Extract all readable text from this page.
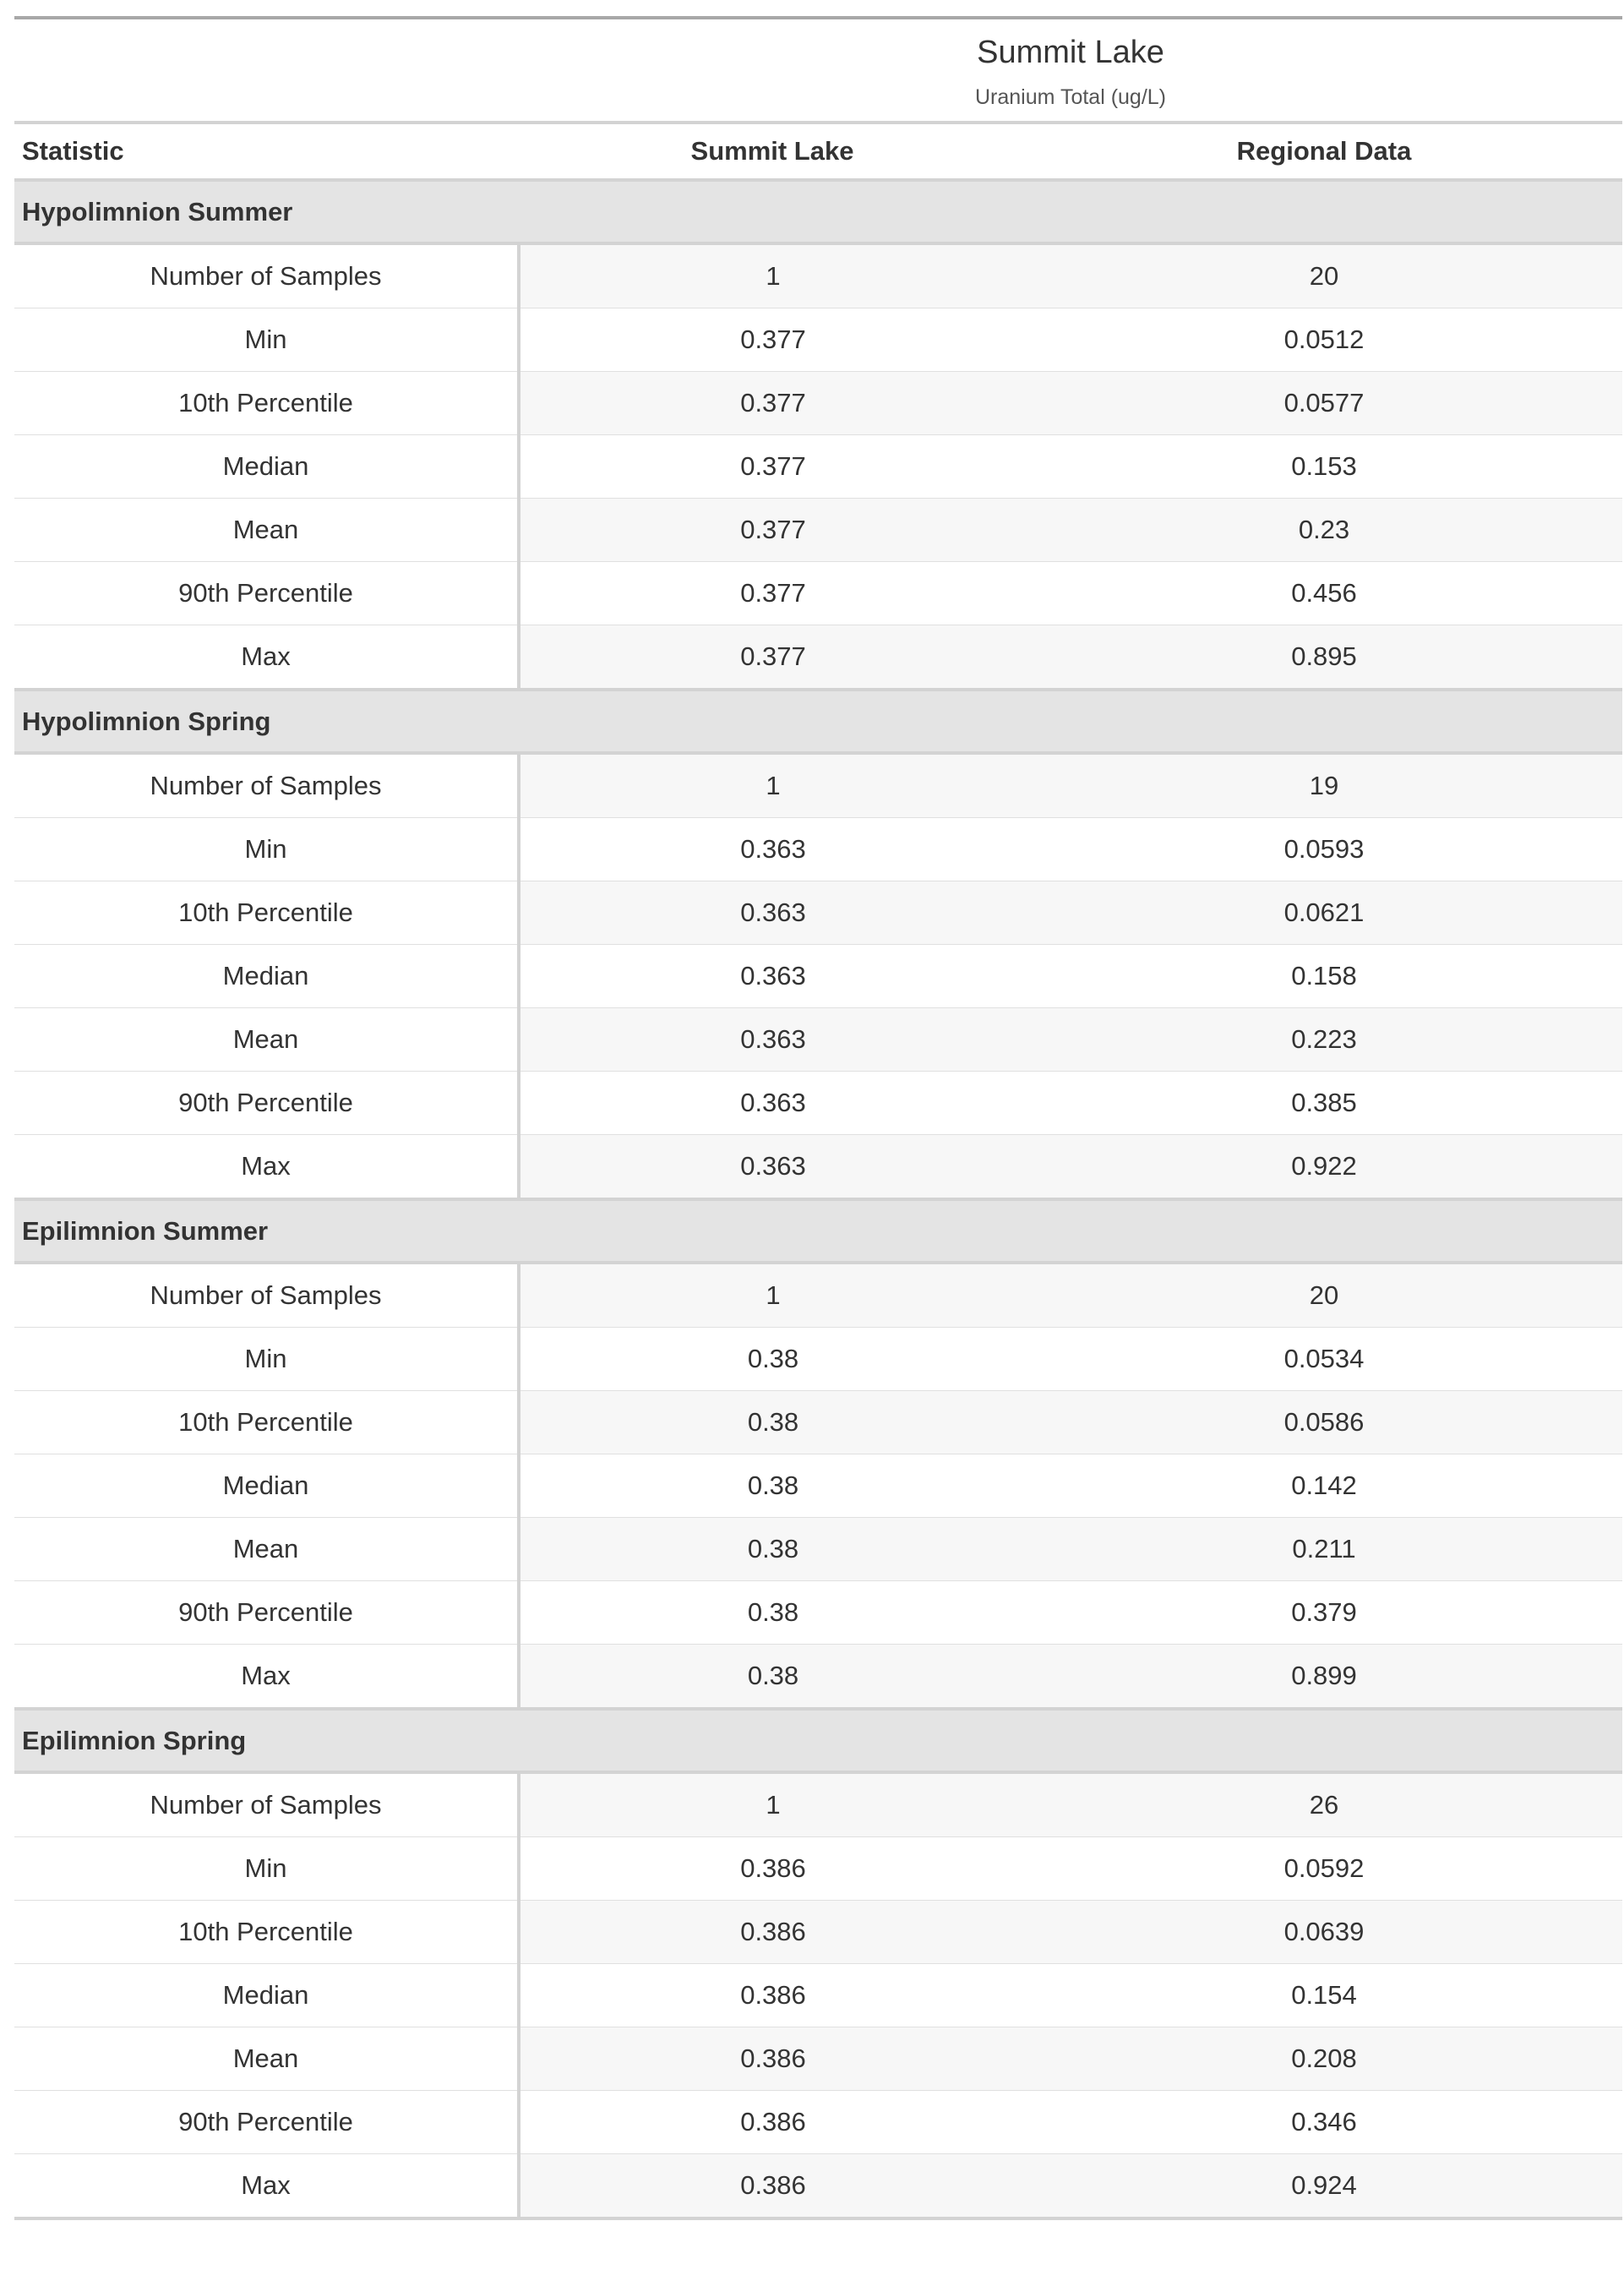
	Summit Lake
Uranium Total (ug/L)	

Statistic	Summit Lake	Regional Data
Hypolimnion Summer		
Number of Samples	1	20
Min	0.377	0.0512
10th Percentile	0.377	0.0577
Median	0.377	0.153
Mean	0.377	0.23
90th Percentile	0.377	0.456
Max	0.377	0.895
Hypolimnion Spring		
Number of Samples	1	19
Min	0.363	0.0593
10th Percentile	0.363	0.0621
Median	0.363	0.158
Mean	0.363	0.223
90th Percentile	0.363	0.385
Max	0.363	0.922
Epilimnion Summer		
Number of Samples	1	20
Min	0.38	0.0534
10th Percentile	0.38	0.0586
Median	0.38	0.142
Mean	0.38	0.211
90th Percentile	0.38	0.379
Max	0.38	0.899
Epilimnion Spring		
Number of Samples	1	26
Min	0.386	0.0592
10th Percentile	0.386	0.0639
Median	0.386	0.154
Mean	0.386	0.208
90th Percentile	0.386	0.346
Max	0.386	0.924
